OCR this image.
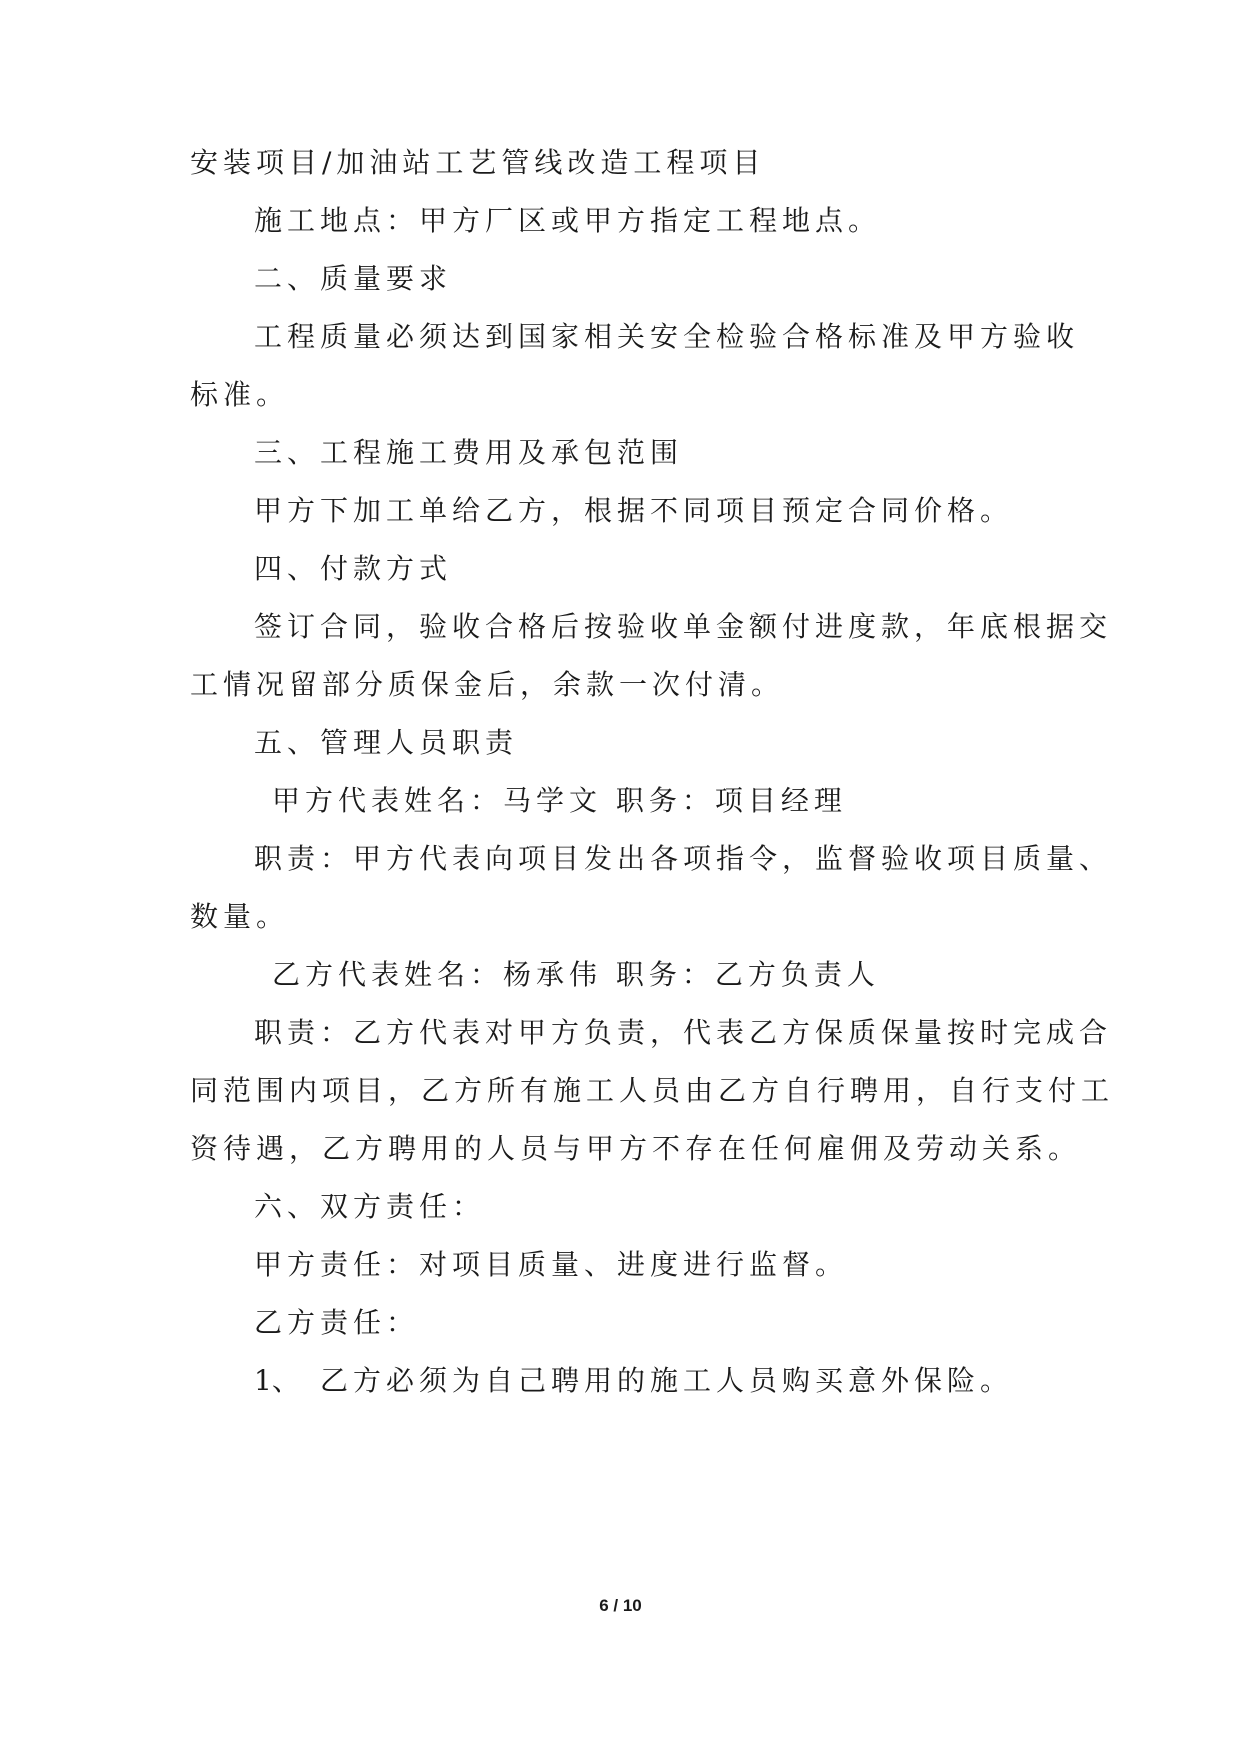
安装项目/加油站工艺管线改造工程项目
施工地点：甲方厂区或甲方指定工程地点。
二、质量要求
工程质量必须达到国家相关安全检验合格标准及甲方验收
标准。
三、工程施工费用及承包范围
甲方下加工单给乙方，根据不同项目预定合同价格。
四、付款方式
签订合同，验收合格后按验收单金额付进度款，年底根据交
工情况留部分质保金后，余款一次付清。
五、管理人员职责
甲方代表姓名：马学文 职务：项目经理
职责：甲方代表向项目发出各项指令，监督验收项目质量、
数量。
乙方代表姓名：杨承伟 职务：乙方负责人
职责：乙方代表对甲方负责，代表乙方保质保量按时完成合
同范围内项目，乙方所有施工人员由乙方自行聘用，自行支付工
资待遇，乙方聘用的人员与甲方不存在任何雇佣及劳动关系。
六、双方责任：
甲方责任：对项目质量、进度进行监督。
乙方责任：
1、 乙方必须为自己聘用的施工人员购买意外保险。
6 / 10
